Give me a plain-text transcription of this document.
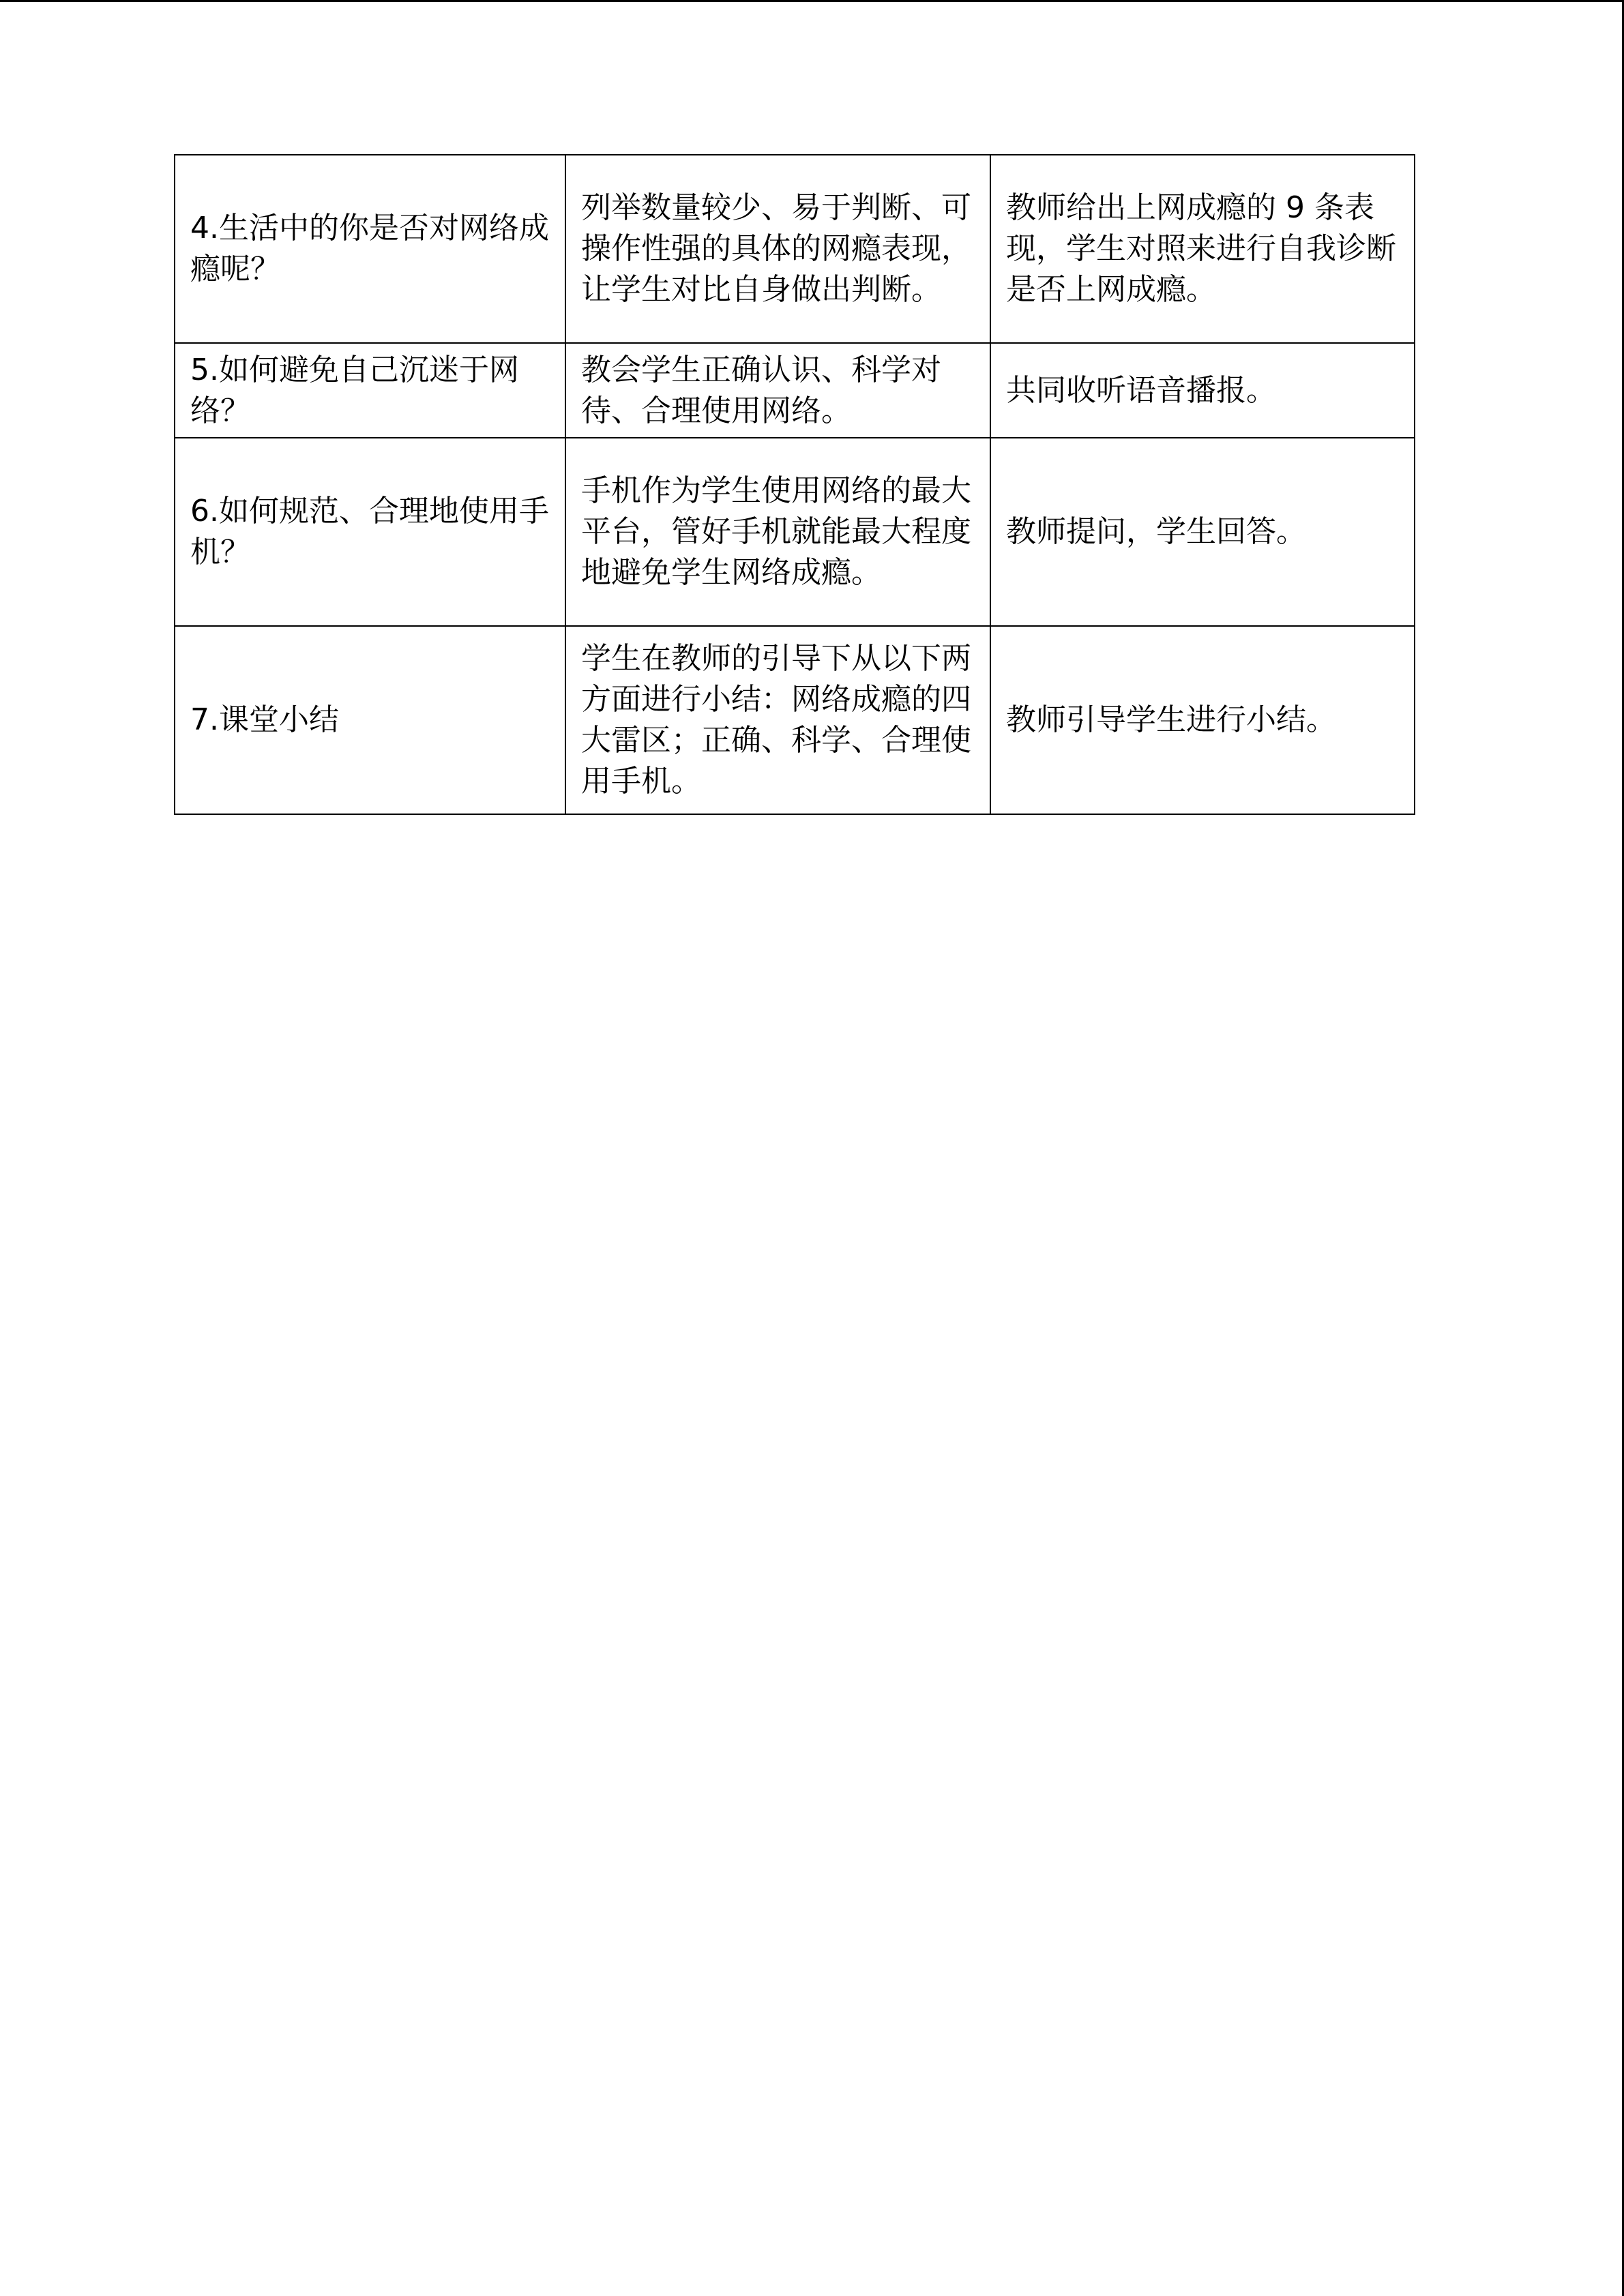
4.生活中的你是否对网络成瘾呢？	列举数量较少、易于判断、可操作性强的具体的网瘾表现，让学生对比自身做出判断。	教师给出上网成瘾的 9 条表现，学生对照来进行自我诊断是否上网成瘾。
5.如何避免自己沉迷于网络？	教会学生正确认识、科学对待、合理使用网络。	共同收听语音播报。
6.如何规范、合理地使用手机？	手机作为学生使用网络的最大平台，管好手机就能最大程度地避免学生网络成瘾。	教师提问，学生回答。
7.课堂小结	学生在教师的引导下从以下两方面进行小结：网络成瘾的四大雷区；正确、科学、合理使用手机。	教师引导学生进行小结。
